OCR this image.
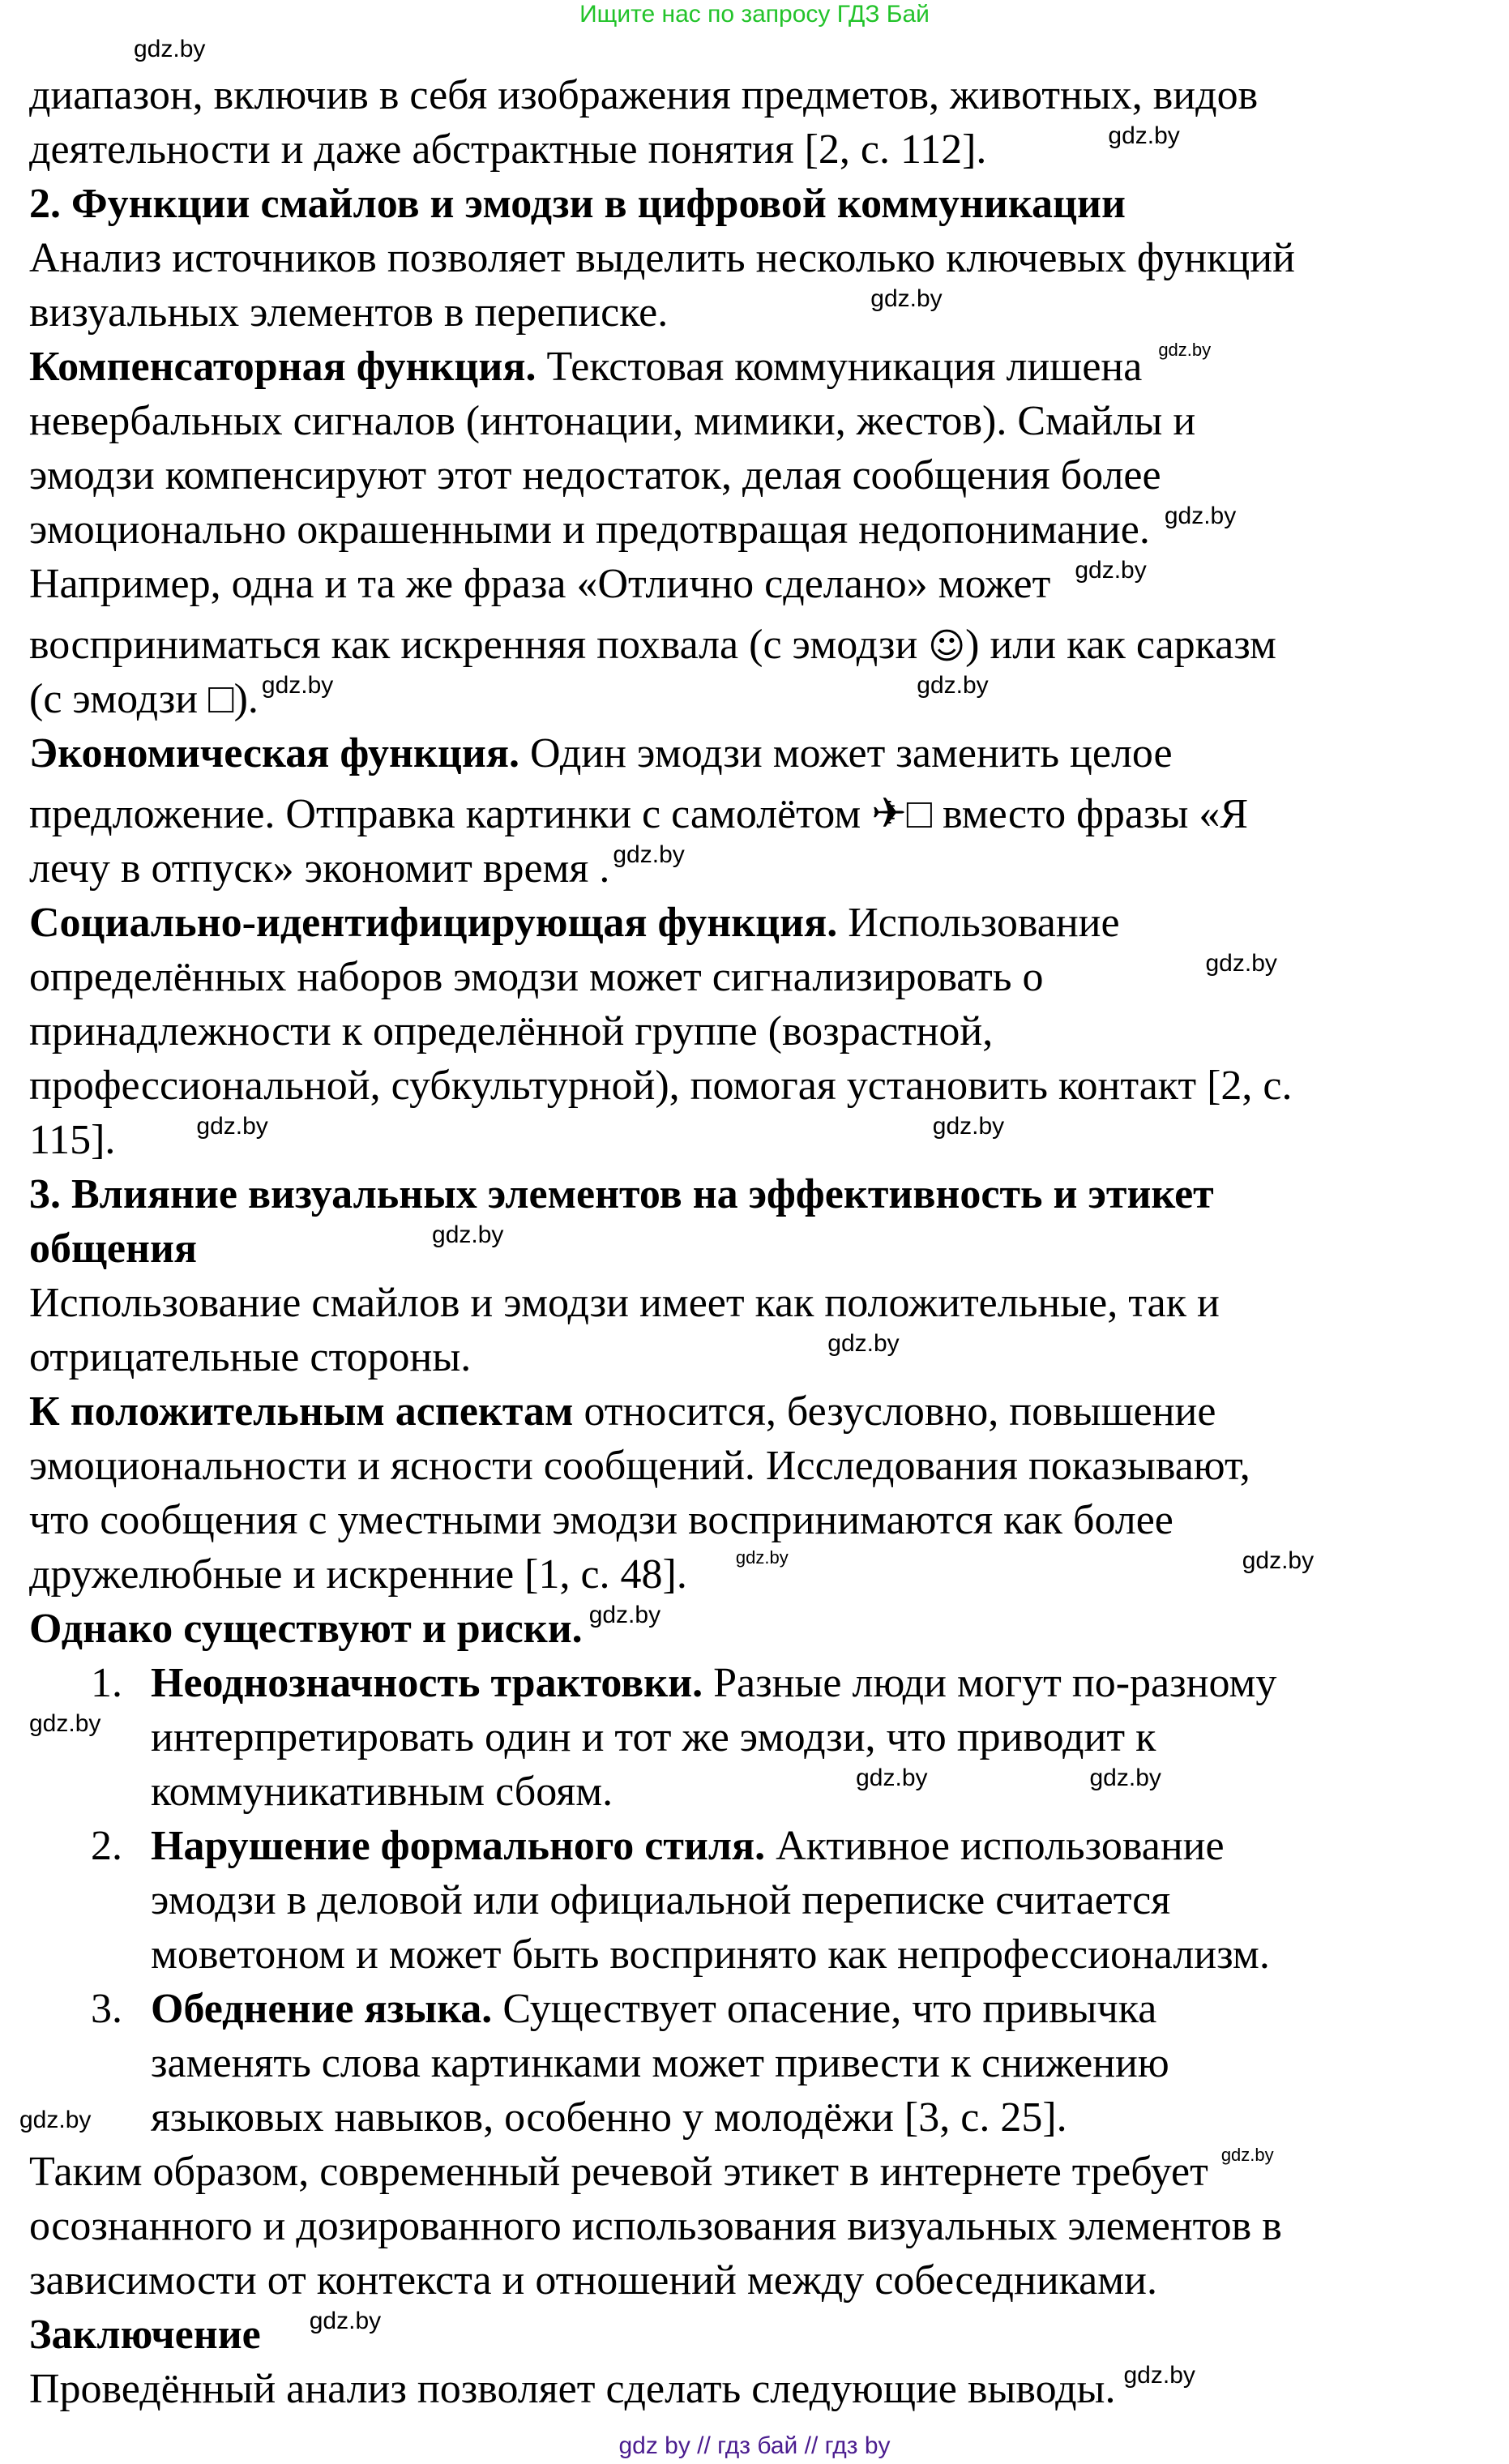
Ищите нас по запросу ГДЗ Бай
gdz.by
диапазон, включив в себя изображения предметов, животных, видов
деятельности и даже абстрактные понятия [2, с. 112].	$^{gdz.by}$
2. Функции смайлов и эмодзи в цифровой коммуникации
Анализ источников позволяет выделить несколько ключевых функций
визуальных элементов в переписке.	$^{gdz.by}$
Компенсаторная функция. Текстовая коммуникация лишена $^{gdz.by}$
невербальных сигналов (интонации, мимики, жестов). Смайлы и
эмодзи компенсируют этот недостаток, делая сообщения более
эмоционально окрашенными и предотвращая недопонимание. $^{gdz.by}$
Например, одна и та же фраза «Отлично сделано» может $^{gdz.by}$
восприниматься как искренняя похвала (с эмодзи ☺) или как сарказм
(с эмодзи □). $^{gdz.by}$	$^{gdz.by}$
Экономическая функция. Один эмодзи может заменить целое
предложение. Отправка картинки с самолётом ✈□ вместо фразы «Я
лечу в отпуск» экономит время . $^{gdz.by}$
Социально-идентифицирующая функция. Использование
определённых наборов эмодзи может сигнализировать о	$^{gdz.by}$
принадлежности к определённой группе (возрастной,
профессиональной, субкультурной), помогая установить контакт [2, с.
115].	$^{gdz.by}$	$^{gdz.by}$
3. Влияние визуальных элементов на эффективность и этикет
общения	$^{gdz.by}$
Использование смайлов и эмодзи имеет как положительные, так и
отрицательные стороны.	$^{gdz.by}$
К положительным аспектам относится, безусловно, повышение
эмоциональности и ясности сообщений. Исследования показывают,
что сообщения с уместными эмодзи воспринимаются как более
дружелюбные и искренние [1, с. 48].	$^{gdz.by}$	$^{gdz.by}$
Однако существуют и риски. $^{gdz.by}$
1. Неоднозначность трактовки. Разные люди могут по-разному
gdz.by интерпретировать один и тот же эмодзи, что приводит к
коммуникативным сбоям.	$^{gdz.by}$	$^{gdz.by}$
2. Нарушение формального стиля. Активное использование
эмодзи в деловой или официальной переписке считается
моветоном и может быть воспринято как непрофессионализм.
3. Обеднение языка. Существует опасение, что привычка
заменять слова картинками может привести к снижению
gdz.by языковых навыков, особенно у молодёжи [3, с. 25].
Таким образом, современный речевой этикет в интернете требует $^{gdz.by}$
осознанного и дозированного использования визуальных элементов в
зависимости от контекста и отношений между собеседниками.
Заключение $^{gdz.by}$
Проведённый анализ позволяет сделать следующие выводы. $^{gdz.by}$
gdz by // гдз бай // гдз by
